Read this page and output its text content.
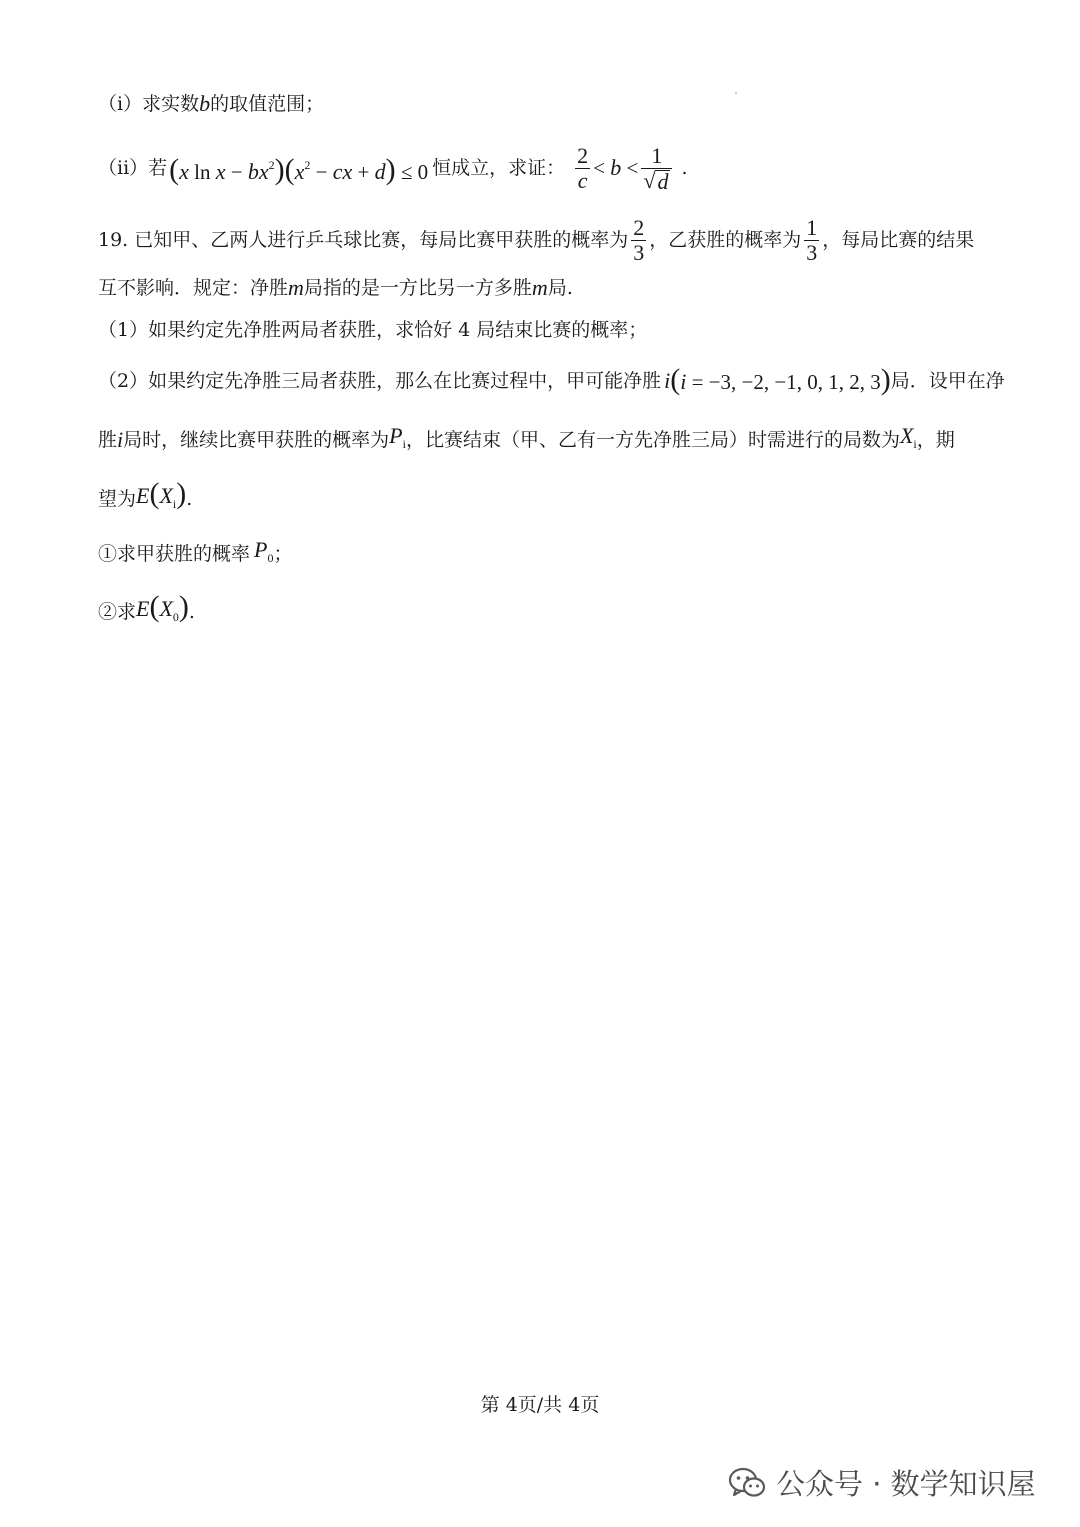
（i）求实数 b 的取值范围；
（ii）若 (x $\ln x - bx^2)(x^2$ − cx + d) ≤ 0 恒成立，求证： $\frac{2}{c} < b < \frac{1}{√ d}$ .
19. 已知甲、乙两人进行乒乓球比赛，每局比赛甲获胜的概率为 $\frac{2}{3}$ ，乙获胜的概率为 $\frac{1}{3}$ ，每局比赛的结果
互不影响．规定：净胜 m 局指的是一方比另一方多胜 m 局.
（1）如果约定先净胜两局者获胜，求恰好 4 局结束比赛的概率；
（2）如果约定先净胜三局者获胜，那么在比赛过程中，甲可能净胜 i (i = −3, −2, −1, 0, 1, 2, 3) 局．设甲在净
胜 i 局时，继续比赛甲获胜的概率为 $P_i$ ，比赛结束（甲、乙有一方先净胜三局）时需进行的局数为 $X_i$ ，期
望为 $E(X_i)$ .
①求甲获胜的概率 $P_0$ ；
②求 $E(X_0)$ .
第 4页/共 4页
公众号 · 数学知识屋
